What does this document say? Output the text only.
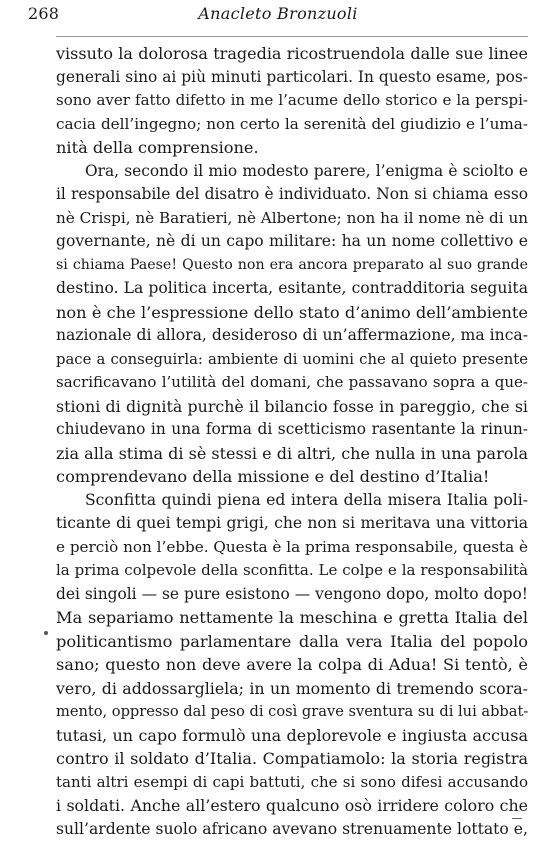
268	Anacleto Bronzuoli
vissuto la dolorosa tragedia ricostruendola dalle sue linee
generali sino ai più minuti particolari. In questo esame, pos-
sono aver fatto difetto in me l’acume dello storico e la perspi-
cacia dell’ingegno; non certo la serenità del giudizio e l’uma-
nità della comprensione.
Ora, secondo il mio modesto parere, l’enigma è sciolto e
il responsabile del disatro è individuato. Non si chiama esso
nè Crispi, nè Baratieri, nè Albertone; non ha il nome nè di un
governante, nè di un capo militare: ha un nome collettivo e
si chiama Paese! Questo non era ancora preparato al suo grande
destino. La politica incerta, esitante, contradditoria seguita
non è che l’espressione dello stato d’animo dell’ambiente
nazionale di allora, desideroso di un’affermazione, ma inca-
pace a conseguirla: ambiente di uomini che al quieto presente
sacrificavano l’utilità del domani, che passavano sopra a que-
stioni di dignità purchè il bilancio fosse in pareggio, che si
chiudevano in una forma di scetticismo rasentante la rinun-
zia alla stima di sè stessi e di altri, che nulla in una parola
comprendevano della missione e del destino d’Italia!
Sconfitta quindi piena ed intera della misera Italia poli-
ticante di quei tempi grigi, che non si meritava una vittoria
e perciò non l’ebbe. Questa è la prima responsabile, questa è
la prima colpevole della sconfitta. Le colpe e la responsabilità
dei singoli — se pure esistono — vengono dopo, molto dopo!
Ma separiamo nettamente la meschina e gretta Italia del
politicantismo parlamentare dalla vera Italia del popolo
sano; questo non deve avere la colpa di Adua! Si tentò, è
vero, di addossargliela; in un momento di tremendo scora-
mento, oppresso dal peso di così grave sventura su di lui abbat-
tutasi, un capo formulò una deplorevole e ingiusta accusa
contro il soldato d’Italia. Compatiamolo: la storia registra
tanti altri esempi di capi battuti, che si sono difesi accusando
i soldati. Anche all’estero qualcuno osò irridere coloro che
sull’ardente suolo africano avevano strenuamente lottato e,
